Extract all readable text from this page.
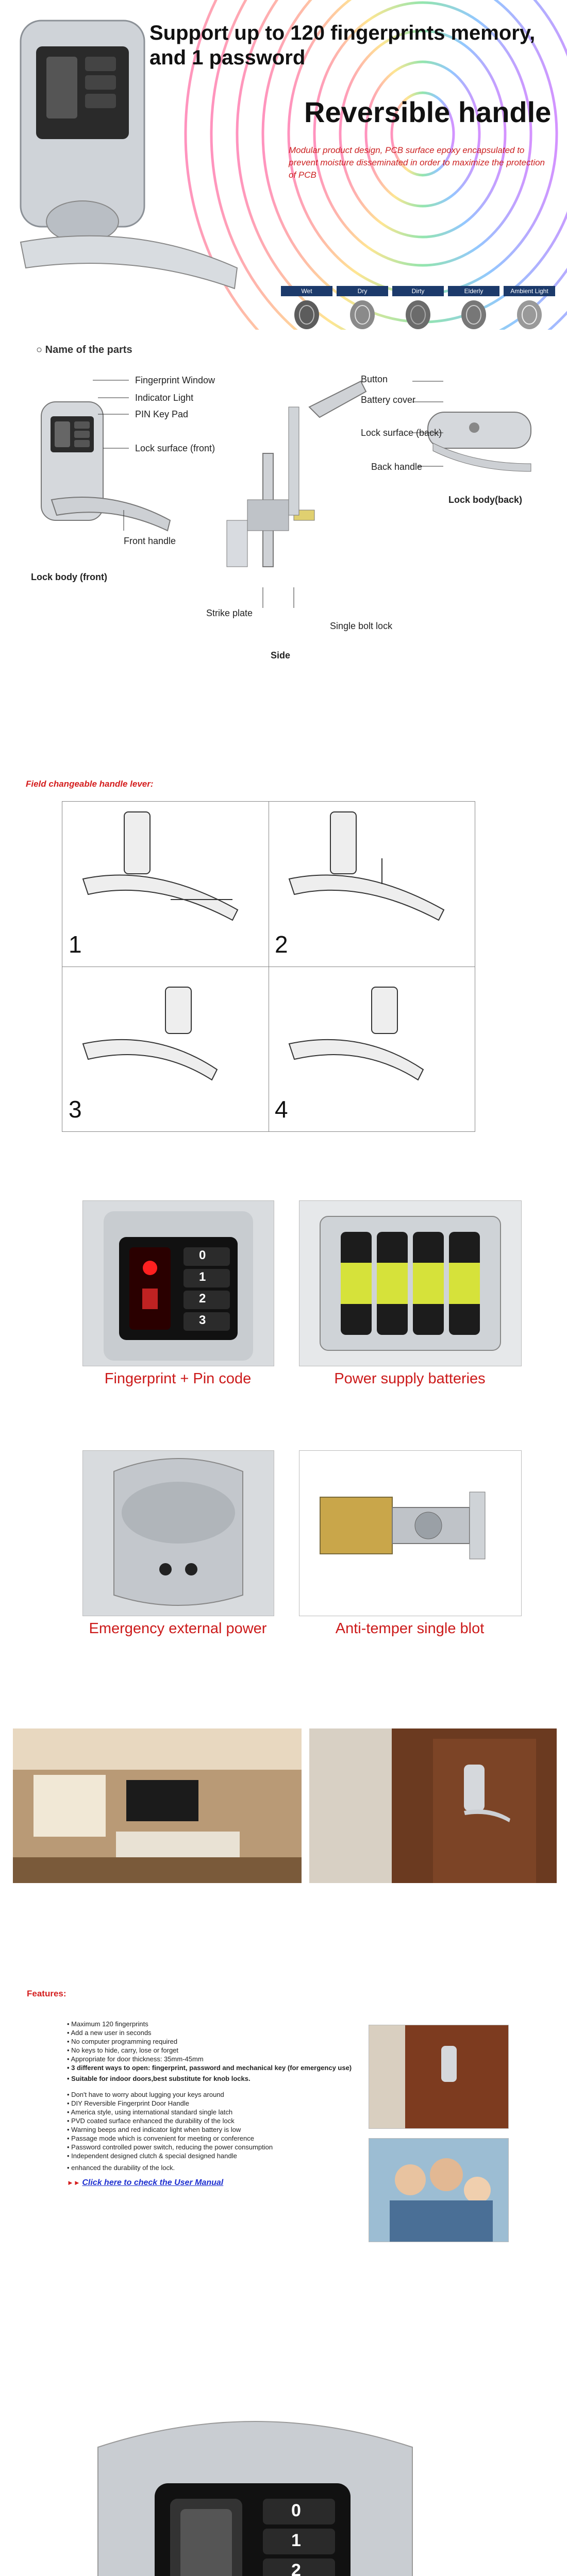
Support up to 120 fingerprints memory, and 1 password
Reversible handle
Modular product design, PCB surface epoxy encapsulated to prevent moisture disseminated in order to maximize the protection of PCB
Wet	Dry	Dirty	Elderly	Ambient Light
○ Name of the parts
Fingerprint Window
Indicator Light
PIN Key Pad
Lock surface (front)
Front handle
Lock body (front)
Strike plate
Single bolt lock
Side
Button
Battery cover
Lock surface (back)
Back handle
Lock body(back)
Field changeable handle lever:
1	2
3	4
0
1
2
3
Fingerprint + Pin code	Power supply batteries
Emergency external power	Anti-temper single blot
Features:
• Maximum 120 fingerprints
• Add a new user in seconds
• No computer programming required
• No keys to hide, carry, lose or forget
• Appropriate for door thickness: 35mm-45mm
• 3 different ways to open: fingerprint, password and mechanical key (for emergency use)
• Suitable for indoor doors,best substitute for knob locks.
• Don't have to worry about lugging your keys around
• DIY Reversible Fingerprint Door Handle
• America style, using international standard single latch
• PVD coated surface enhanced the durability of the lock
• Warning beeps and red indicator light when battery is low
• Passage mode which is convenient for meeting or conference
• Password controlled power switch, reducing the power consumption
• Independent designed clutch & special designed handle
• enhanced the durability of the lock.
►► Click here to check the User Manual
0
1
2
